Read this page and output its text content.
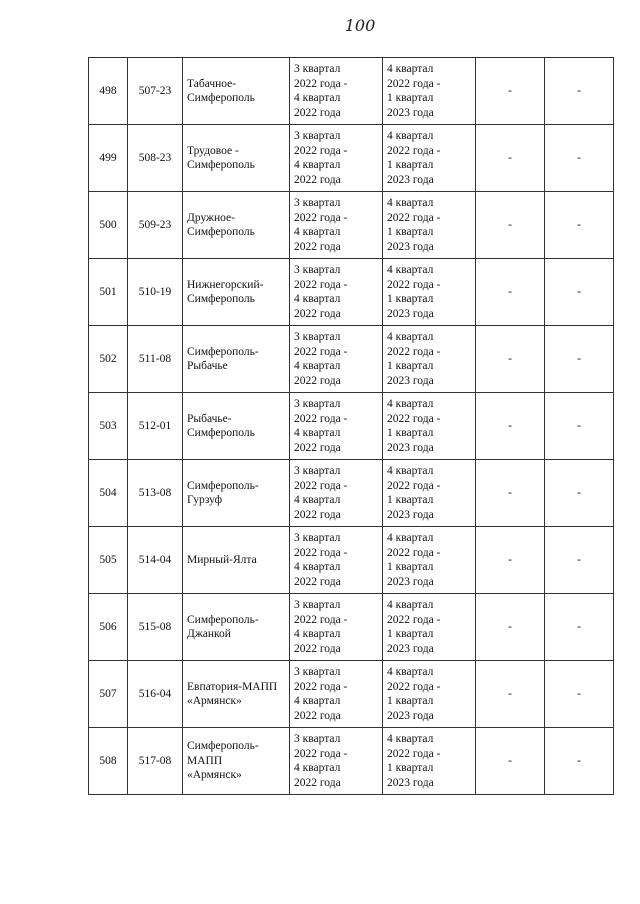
100
498	507-23	Табачное-
Симферополь	3 квартал
2022 года -
4 квартал
2022 года	4 квартал
2022 года -
1 квартал
2023 года	-	-
499	508-23	Трудовое -
Симферополь	3 квартал
2022 года -
4 квартал
2022 года	4 квартал
2022 года -
1 квартал
2023 года	-	-
500	509-23	Дружное-
Симферополь	3 квартал
2022 года -
4 квартал
2022 года	4 квартал
2022 года -
1 квартал
2023 года	-	-
501	510-19	Нижнегорский-
Симферополь	3 квартал
2022 года -
4 квартал
2022 года	4 квартал
2022 года -
1 квартал
2023 года	-	-
502	511-08	Симферополь-
Рыбачье	3 квартал
2022 года -
4 квартал
2022 года	4 квартал
2022 года -
1 квартал
2023 года	-	-
503	512-01	Рыбачье-
Симферополь	3 квартал
2022 года -
4 квартал
2022 года	4 квартал
2022 года -
1 квартал
2023 года	-	-
504	513-08	Симферополь-
Гурзуф	3 квартал
2022 года -
4 квартал
2022 года	4 квартал
2022 года -
1 квартал
2023 года	-	-
505	514-04	Мирный-Ялта	3 квартал
2022 года -
4 квартал
2022 года	4 квартал
2022 года -
1 квартал
2023 года	-	-
506	515-08	Симферополь-
Джанкой	3 квартал
2022 года -
4 квартал
2022 года	4 квартал
2022 года -
1 квартал
2023 года	-	-
507	516-04	Евпатория-МАПП
«Армянск»	3 квартал
2022 года -
4 квартал
2022 года	4 квартал
2022 года -
1 квартал
2023 года	-	-
508	517-08	Симферополь-
МАПП
«Армянск»	3 квартал
2022 года -
4 квартал
2022 года	4 квартал
2022 года -
1 квартал
2023 года	-	-
